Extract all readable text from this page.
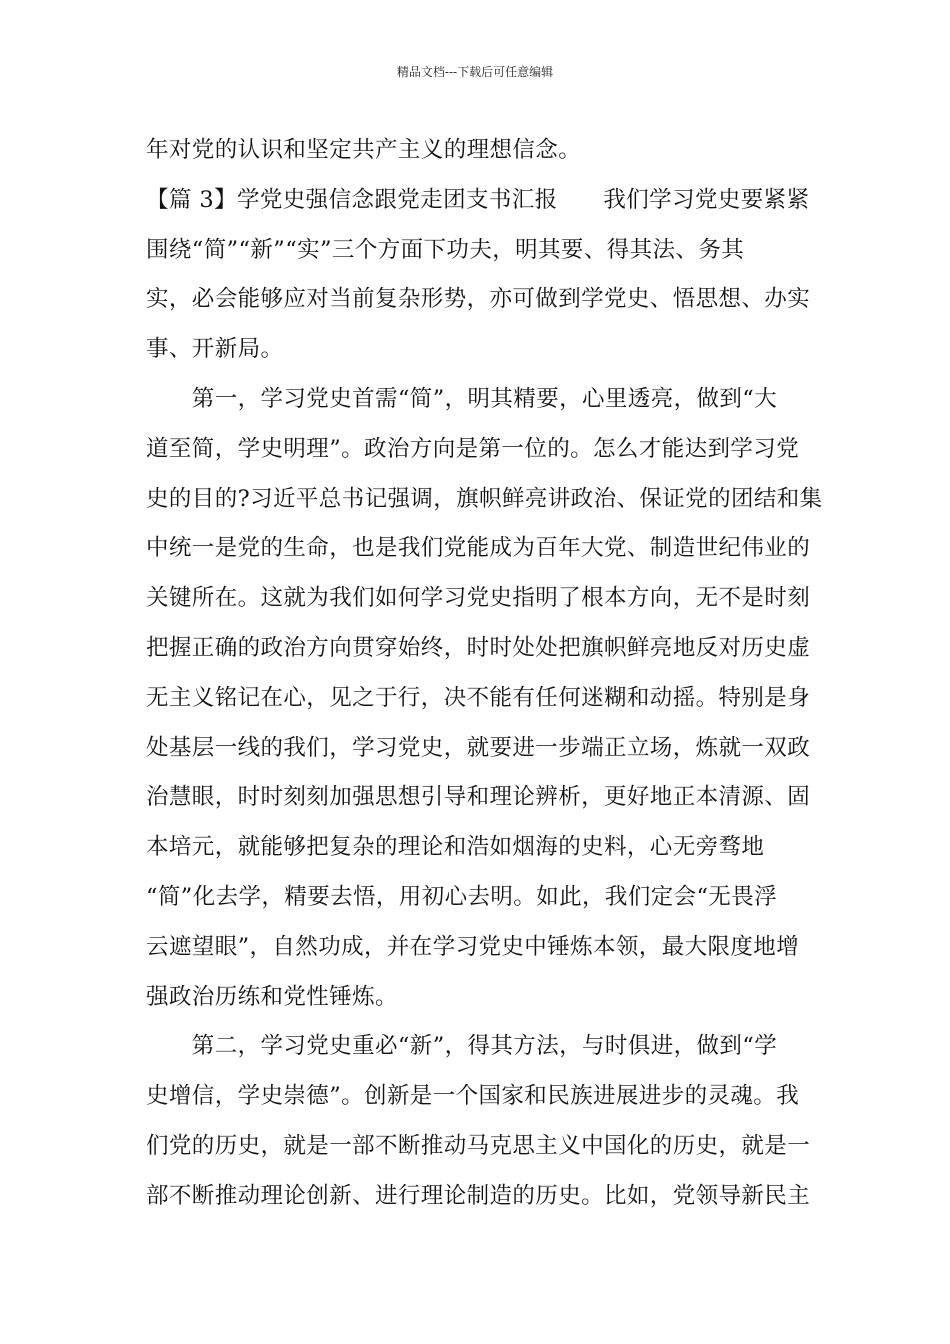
精品文档---下载后可任意编辑
年对党的认识和坚定共产主义的理想信念。
【篇 3】学党史强信念跟党走团支书汇报　　我们学习党史要紧紧
围绕“简”“新”“实”三个方面下功夫，明其要、得其法、务其
实，必会能够应对当前复杂形势，亦可做到学党史、悟思想、办实
事、开新局。
　　第一，学习党史首需“简”，明其精要，心里透亮，做到“大
道至简，学史明理”。政治方向是第一位的。怎么才能达到学习党
史的目的?习近平总书记强调，旗帜鲜亮讲政治、保证党的团结和集
中统一是党的生命，也是我们党能成为百年大党、制造世纪伟业的
关键所在。这就为我们如何学习党史指明了根本方向，无不是时刻
把握正确的政治方向贯穿始终，时时处处把旗帜鲜亮地反对历史虚
无主义铭记在心，见之于行，决不能有任何迷糊和动摇。特别是身
处基层一线的我们，学习党史，就要进一步端正立场，炼就一双政
治慧眼，时时刻刻加强思想引导和理论辨析，更好地正本清源、固
本培元，就能够把复杂的理论和浩如烟海的史料，心无旁骛地
“简”化去学，精要去悟，用初心去明。如此，我们定会“无畏浮
云遮望眼”，自然功成，并在学习党史中锤炼本领，最大限度地增
强政治历练和党性锤炼。
　　第二，学习党史重必“新”，得其方法，与时俱进，做到“学
史增信，学史崇德”。创新是一个国家和民族进展进步的灵魂。我
们党的历史，就是一部不断推动马克思主义中国化的历史，就是一
部不断推动理论创新、进行理论制造的历史。比如，党领导新民主
